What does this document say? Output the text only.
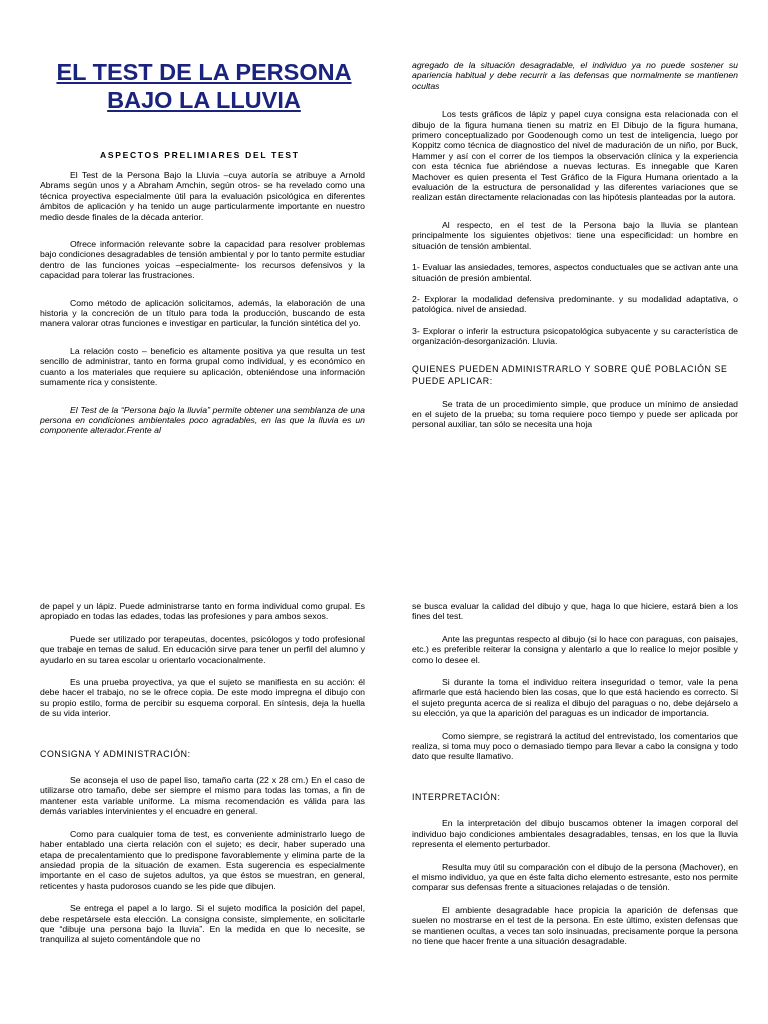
EL TEST DE LA PERSONA BAJO LA LLUVIA
ASPECTOS PRELIMIARES DEL TEST

El Test de la Persona Bajo la Lluvia –cuya autoría se atribuye a Arnold Abrams según unos y a Abraham Amchin, según otros- se ha revelado como una técnica proyectiva especialmente útil para la evaluación psicológica en diferentes ámbitos de aplicación y ha tenido un auge particularmente importante en nuestro medio desde finales de la década anterior.

Ofrece información relevante sobre la capacidad para resolver problemas bajo condiciones desagradables de tensión ambiental y por lo tanto permite estudiar dentro de las funciones yoicas –especialmente- los recursos defensivos y la capacidad para tolerar las frustraciones.

Como método de aplicación solicitamos, además, la elaboración de una historia y la concreción de un título para toda la producción, buscando de esta manera valorar otras funciones e investigar en particular, la función sintética del yo.

La relación costo – beneficio es altamente positiva ya que resulta un test sencillo de administrar, tanto en forma grupal como individual, y es económico en cuanto a los materiales que requiere su aplicación, obteniéndose una información sumamente rica y consistente.

El Test de la “Persona bajo la lluvia” permite obtener una semblanza de una persona en condiciones ambientales poco agradables, en las que la lluvia es un componente alterador.Frente al

agregado de la situación desagradable, el individuo ya no puede sostener su apariencia habitual y debe recurrir a las defensas que normalmente se mantienen ocultas

Los tests gráficos de lápiz y papel cuya consigna esta relacionada con el dibujo de la figura humana tienen su matriz en El Dibujo de la figura humana, primero conceptualizado por Goodenough como un test de inteligencia, luego por Koppitz como técnica de diagnostico del nivel de maduración de un niño, por Buck, Hammer y así con el correr de los tiempos la observación clínica y la experiencia con esta técnica fue abriéndose a nuevas lecturas. Es innegable que Karen Machover es quien presenta el Test Gráfico de la Figura Humana orientado a la evaluación de la estructura de personalidad y las diferentes variaciones que se realizan están directamente relacionadas con las hipótesis planteadas por la autora.

Al respecto, en el test de la Persona bajo la lluvia se plantean principalmente los siguientes objetivos: tiene una especificidad: un hombre en situación de tensión ambiental.

1- Evaluar las ansiedades, temores, aspectos conductuales que se activan ante una situación de presión ambiental.

2- Explorar la modalidad defensiva predominante. y su modalidad adaptativa, o patológica. nivel de ansiedad.

3- Explorar o inferir la estructura psicopatológica subyacente y su característica de organización-desorganización. Lluvia.

QUIENES PUEDEN ADMINISTRARLO Y SOBRE QUÉ POBLACIÓN SE PUEDE APLICAR:

Se trata de un procedimiento simple, que produce un mínimo de ansiedad en el sujeto de la prueba; su toma requiere poco tiempo y puede ser aplicada por personal auxiliar, tan sólo se necesita una hoja

de papel y un lápiz. Puede administrarse tanto en forma individual como grupal. Es apropiado en todas las edades, todas las profesiones y para ambos sexos.

Puede ser utilizado por terapeutas, docentes, psicólogos y todo profesional que trabaje en temas de salud. En educación sirve para tener un perfil del alumno y ayudarlo en su tarea escolar u orientarlo vocacionalmente.

Es una prueba proyectiva, ya que el sujeto se manifiesta en su acción: él debe hacer el trabajo, no se le ofrece copia. De este modo impregna el dibujo con su propio estilo, forma de percibir su esquema corporal. En síntesis, deja la huella de su vida interior.

CONSIGNA Y ADMINISTRACIÓN:

Se aconseja el uso de papel liso, tamaño carta (22 x 28 cm.) En el caso de utilizarse otro tamaño, debe ser siempre el mismo para todas las tomas, a fin de mantener esta variable uniforme. La misma recomendación es válida para las demás variables intervinientes y el encuadre en general.

Como para cualquier toma de test, es conveniente administrarlo luego de haber entablado una cierta relación con el sujeto; es decir, haber superado una etapa de precalentamiento que lo predispone favorablemente y elimina parte de la ansiedad propia de la situación de examen. Esta sugerencia es especialmente importante en el caso de sujetos adultos, ya que éstos se muestran, en general, reticentes y hasta pudorosos cuando se les pide que dibujen.

Se entrega el papel a lo largo. Si el sujeto modifica la posición del papel, debe respetársele esta elección. La consigna consiste, simplemente, en solicitarle que “dibuje una persona bajo la lluvia”. En la medida en que lo necesite, se tranquiliza al sujeto comentándole que no

se busca evaluar la calidad del dibujo y que, haga lo que hiciere, estará bien a los fines del test.

Ante las preguntas respecto al dibujo (si lo hace con paraguas, con paisajes, etc.) es preferible reiterar la consigna y alentarlo a que lo realice lo mejor posible y como lo desee el.

Si durante la toma el individuo reitera inseguridad o temor, vale la pena afirmarle que está haciendo bien las cosas, que lo que está haciendo es correcto. Si el sujeto pregunta acerca de si realiza el dibujo del paraguas o no, debe dejárselo a su elección, ya que la aparición del paraguas es un indicador de importancia.

Como siempre, se registrará la actitud del entrevistado, los comentarios que realiza, si toma muy poco o demasiado tiempo para llevar a cabo la consigna y todo dato que resulte llamativo.

INTERPRETACIÓN:

En la interpretación del dibujo buscamos obtener la imagen corporal del individuo bajo condiciones ambientales desagradables, tensas, en los que la lluvia representa el elemento perturbador.

Resulta muy útil su comparación con el dibujo de la persona (Machover), en el mismo individuo, ya que en éste falta dicho elemento estresante, esto nos permite comparar sus defensas frente a situaciones relajadas o de tensión.

El ambiente desagradable hace propicia la aparición de defensas que suelen no mostrarse en el test de la persona. En este último, existen defensas que se mantienen ocultas, a veces tan solo insinuadas, precisamente porque la persona no tiene que hacer frente a una situación desagradable.
